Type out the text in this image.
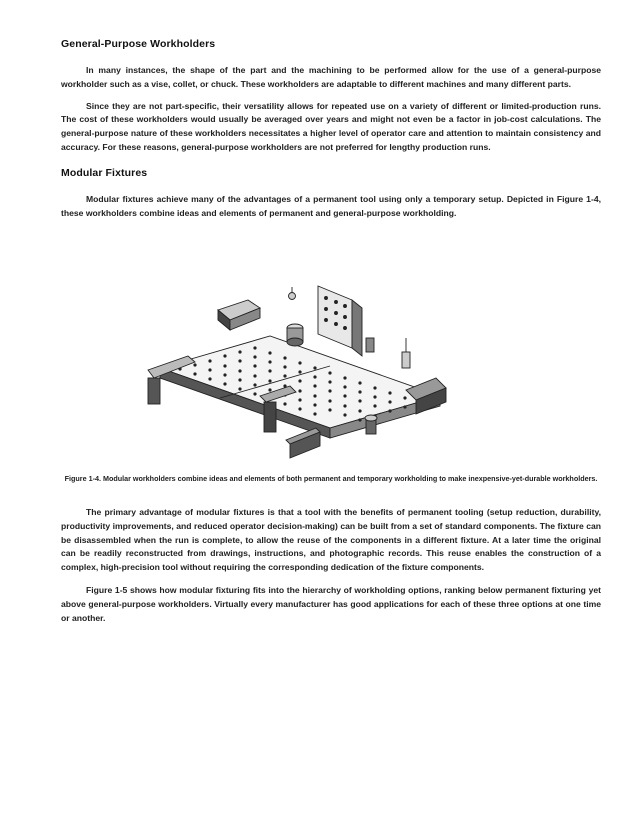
General-Purpose Workholders

In many instances, the shape of the part and the machining to be performed allow for the use of a general-purpose workholder such as a vise, collet, or chuck. These workholders are adaptable to different machines and many different parts.

Since they are not part-specific, their versatility allows for repeated use on a variety of different or limited-production runs. The cost of these workholders would usually be averaged over years and might not even be a factor in job-cost calculations. The general-purpose nature of these workholders necessitates a higher level of operator care and attention to maintain consistency and accuracy. For these reasons, general-purpose workholders are not preferred for lengthy production runs.

Modular Fixtures

Modular fixtures achieve many of the advantages of a permanent tool using only a temporary setup. Depicted in Figure 1-4, these workholders combine ideas and elements of permanent and general-purpose workholding.

Figure 1-4. Modular workholders combine ideas and elements of both permanent and temporary workholding to make inexpensive-yet-durable workholders.

The primary advantage of modular fixtures is that a tool with the benefits of permanent tooling (setup reduction, durability, productivity improvements, and reduced operator decision-making) can be built from a set of standard components. The fixture can be disassembled when the run is complete, to allow the reuse of the components in a different fixture. At a later time the original can be readily reconstructed from drawings, instructions, and photographic records. This reuse enables the construction of a complex, high-precision tool without requiring the corresponding dedication of the fixture components.

Figure 1-5 shows how modular fixturing fits into the hierarchy of workholding options, ranking below permanent fixturing yet above general-purpose workholders. Virtually every manufacturer has good applications for each of these three options at one time or another.
